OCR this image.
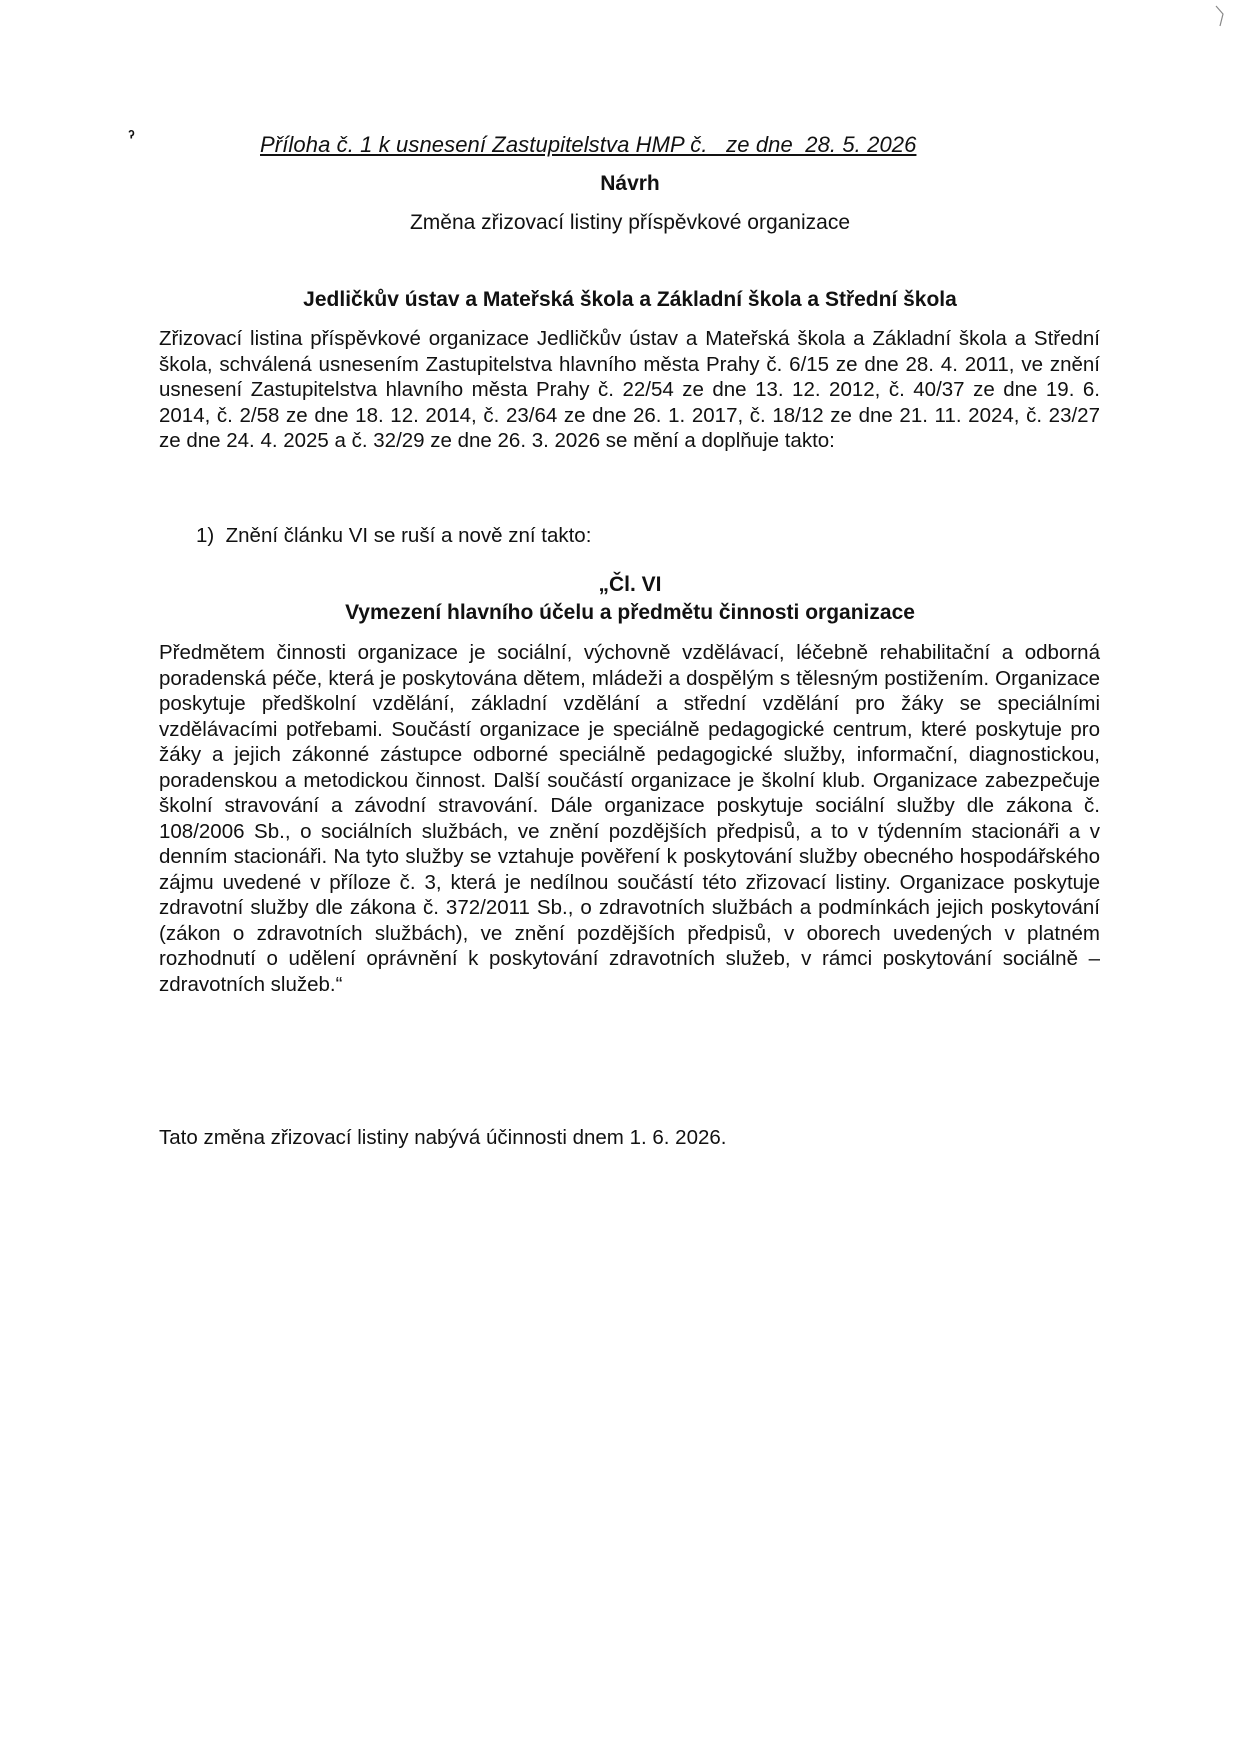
ˀ	Příloha č. 1 k usnesení Zastupitelstva HMP č.   ze dne  28. 5. 2026
Návrh
Změna zřizovací listiny příspěvkové organizace
Jedličkův ústav a Mateřská škola a Základní škola a Střední škola
Zřizovací listina příspěvkové organizace Jedličkův ústav a Mateřská škola a Základní škola a Střední škola, schválená usnesením Zastupitelstva hlavního města Prahy č. 6/15 ze dne 28. 4. 2011, ve znění usnesení Zastupitelstva hlavního města Prahy č. 22/54 ze dne 13. 12. 2012, č. 40/37 ze dne 19. 6. 2014, č. 2/58 ze dne 18. 12. 2014, č. 23/64 ze dne 26. 1. 2017, č. 18/12 ze dne 21. 11. 2024, č. 23/27 ze dne 24. 4. 2025 a č. 32/29 ze dne 26. 3. 2026 se mění a doplňuje takto:
1)  Znění článku VI se ruší a nově zní takto:
„Čl. VI
Vymezení hlavního účelu a předmětu činnosti organizace
Předmětem činnosti organizace je sociální, výchovně vzdělávací, léčebně rehabilitační a odborná poradenská péče, která je poskytována dětem, mládeži a dospělým s tělesným postižením. Organizace poskytuje předškolní vzdělání, základní vzdělání a střední vzdělání pro žáky se speciálními vzdělávacími potřebami. Součástí organizace je speciálně pedagogické centrum, které poskytuje pro žáky a jejich zákonné zástupce odborné speciálně pedagogické služby, informační, diagnostickou, poradenskou a metodickou činnost. Další součástí organizace je školní klub. Organizace zabezpečuje školní stravování a závodní stravování. Dále organizace poskytuje sociální služby dle zákona č. 108/2006 Sb., o sociálních službách, ve znění pozdějších předpisů, a to v týdenním stacionáři a v denním stacionáři. Na tyto služby se vztahuje pověření k poskytování služby obecného hospodářského zájmu uvedené v příloze č. 3, která je nedílnou součástí této zřizovací listiny. Organizace poskytuje zdravotní služby dle zákona č. 372/2011 Sb., o zdravotních službách a podmínkách jejich poskytování (zákon o zdravotních službách), ve znění pozdějších předpisů, v oborech uvedených v platném rozhodnutí o udělení oprávnění k poskytování zdravotních služeb, v rámci poskytování sociálně – zdravotních služeb.“
Tato změna zřizovací listiny nabývá účinnosti dnem 1. 6. 2026.
